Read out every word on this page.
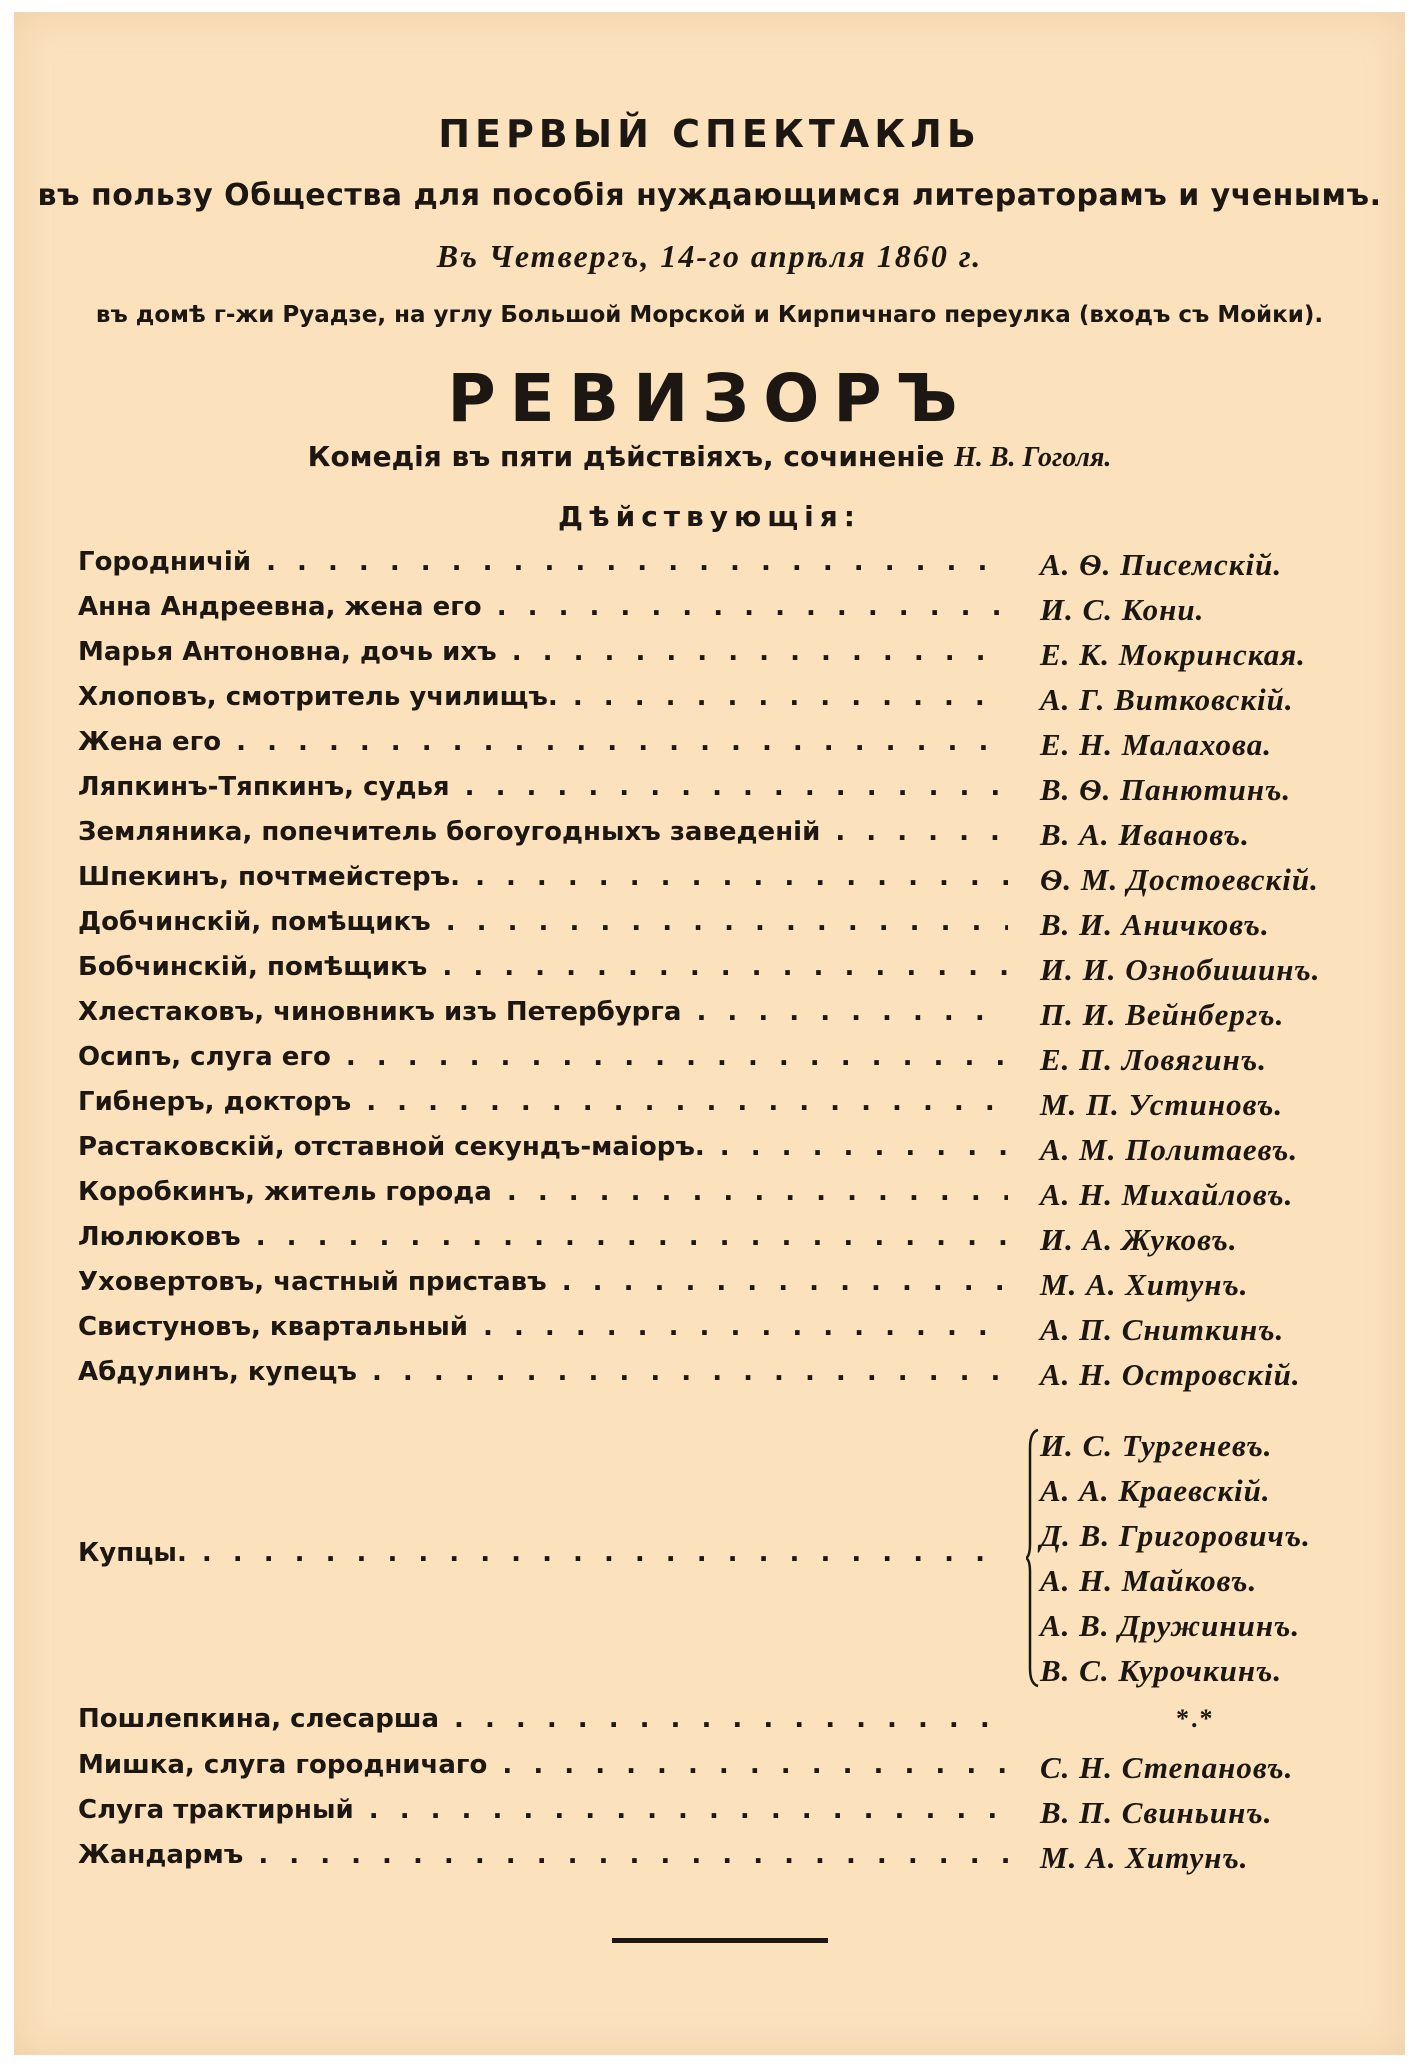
ПЕРВЫЙ СПЕКТАКЛЬ
въ пользу Общества для пособія нуждающимся литераторамъ и ученымъ.
Въ Четвергъ, 14-го апрѣля 1860 г.
въ домѣ г-жи Руадзе, на углу Большой Морской и Кирпичнаго переулка (входъ съ Мойки).
РЕВИЗОРЪ
Комедія въ пяти дѣйствіяхъ, сочиненіе Н. В. Гоголя.
Дѣйствующія:
Городничій . . .	А. Ѳ. Писемскій.
Анна Андреевна, жена его . . .	И. С. Кони.
Марья Антоновна, дочь ихъ . . .	Е. К. Мокринская.
Хлоповъ, смотритель училищъ. . . .	А. Г. Витковскій.
Жена его . . .	Е. Н. Малахова.
Ляпкинъ-Тяпкинъ, судья . . .	В. Ѳ. Панютинъ.
Земляника, попечитель богоугодныхъ заведеній . . .	В. А. Ивановъ.
Шпекинъ, почтмейстеръ. . . .	Ѳ. М. Достоевскій.
Добчинскій, помѣщикъ . . .	В. И. Аничковъ.
Бобчинскій, помѣщикъ . . .	И. И. Ознобишинъ.
Хлестаковъ, чиновникъ изъ Петербурга . . .	П. И. Вейнбергъ.
Осипъ, слуга его . . .	Е. П. Ловягинъ.
Гибнеръ, докторъ . . .	М. П. Устиновъ.
Растаковскій, отставной секундъ-маіоръ. . . .	А. М. Политаевъ.
Коробкинъ, житель города . . .	А. Н. Михайловъ.
Люлюковъ . . .	И. А. Жуковъ.
Уховертовъ, частный приставъ . . .	М. А. Хитунъ.
Свистуновъ, квартальный . . .	А. П. Сниткинъ.
Абдулинъ, купецъ . . .	А. Н. Островскій.
Купцы. . . .
И. С. Тургеневъ.
А. А. Краевскій.
Д. В. Григоровичъ.
А. Н. Майковъ.
А. В. Дружининъ.
В. С. Курочкинъ.
Пошлепкина, слесарша . . .	*.*
Мишка, слуга городничаго . . .	С. Н. Степановъ.
Слуга трактирный . . .	В. П. Свиньинъ.
Жандармъ . . .	М. А. Хитунъ.
